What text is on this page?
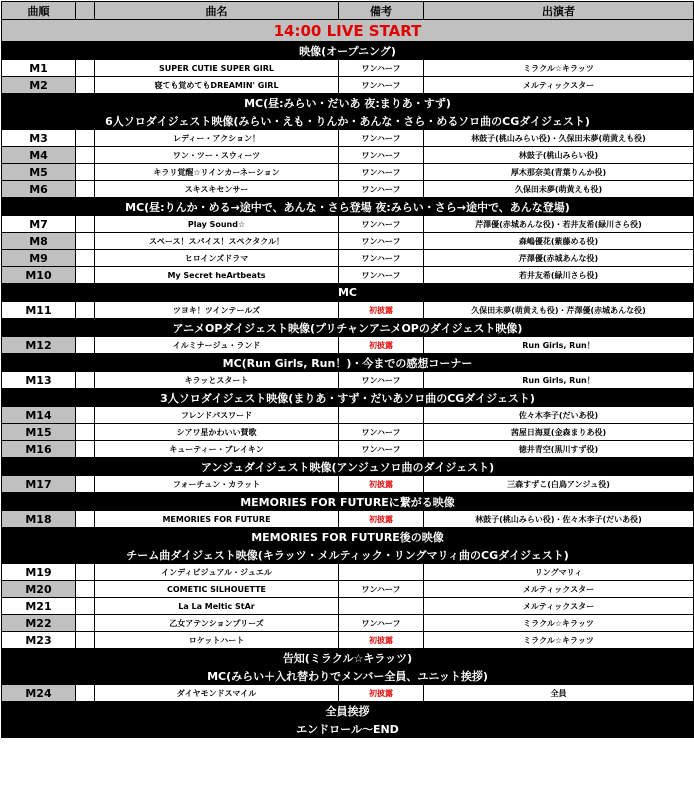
曲順		曲名	備考	出演者
14:00 LIVE START				
映像(オープニング)				
M1		SUPER CUTIE SUPER GIRL	ワンハーフ	ミラクル☆キラッツ
M2		寝ても覚めてもDREAMIN' GIRL	ワンハーフ	メルティックスター
MC(昼:みらい・だいあ 夜:まりあ・すず)				
6人ソロダイジェスト映像(みらい・えも・りんか・あんな・さら・めるソロ曲のCGダイジェスト)				
M3		レディー・アクション！	ワンハーフ	林鼓子(桃山みらい役)・久保田未夢(萌黄えも役)
M4		ワン・ツー・スウィーツ	ワンハーフ	林鼓子(桃山みらい役)
M5		キラリ覚醒☆リインカーネーション	ワンハーフ	厚木那奈美(青葉りんか役)
M6		スキスキセンサー	ワンハーフ	久保田未夢(萌黄えも役)
MC(昼:りんか・める→途中で、あんな・さら登場 夜:みらい・さら→途中で、あんな登場)				
M7		Play Sound☆	ワンハーフ	芹澤優(赤城あんな役)・若井友希(緑川さら役)
M8		スペース！スパイス！スペクタクル！	ワンハーフ	森嶋優花(紫藤める役)
M9		ヒロインズドラマ	ワンハーフ	芹澤優(赤城あんな役)
M10		My Secret heArtbeats	ワンハーフ	若井友希(緑川さら役)
MC				
M11		ツヨキ！ツインテールズ	初披露	久保田未夢(萌黄えも役)・芹澤優(赤城あんな役)
アニメOPダイジェスト映像(プリチャンアニメOPのダイジェスト映像)				
M12		イルミナージュ・ランド	初披露	Run Girls, Run！
MC(Run Girls, Run！)・今までの感想コーナー				
M13		キラッとスタート	ワンハーフ	Run Girls, Run！
3人ソロダイジェスト映像(まりあ・すず・だいあソロ曲のCGダイジェスト)				
M14		フレンドパスワード		佐々木李子(だいあ役)
M15		シアワ星かわいい賛歌	ワンハーフ	茜屋日海夏(金森まりあ役)
M16		キューティー・ブレイキン	ワンハーフ	徳井青空(黒川すず役)
アンジュダイジェスト映像(アンジュソロ曲のダイジェスト)				
M17		フォーチュン・カラット	初披露	三森すずこ(白鳥アンジュ役)
MEMORIES FOR FUTUREに繋がる映像				
M18		MEMORIES FOR FUTURE	初披露	林鼓子(桃山みらい役)・佐々木李子(だいあ役)
MEMORIES FOR FUTURE後の映像				
チーム曲ダイジェスト映像(キラッツ・メルティック・リングマリィ曲のCGダイジェスト)				
M19		インディビジュアル・ジュエル		リングマリィ
M20		COMETIC SILHOUETTE	ワンハーフ	メルティックスター
M21		La La Meltic StAr		メルティックスター
M22		乙女アテンションプリーズ	ワンハーフ	ミラクル☆キラッツ
M23		ロケットハート	初披露	ミラクル☆キラッツ
告知(ミラクル☆キラッツ)				
MC(みらい＋入れ替わりでメンバー全員、ユニット挨拶)				
M24		ダイヤモンドスマイル	初披露	全員
全員挨拶				
エンドロール～END				
